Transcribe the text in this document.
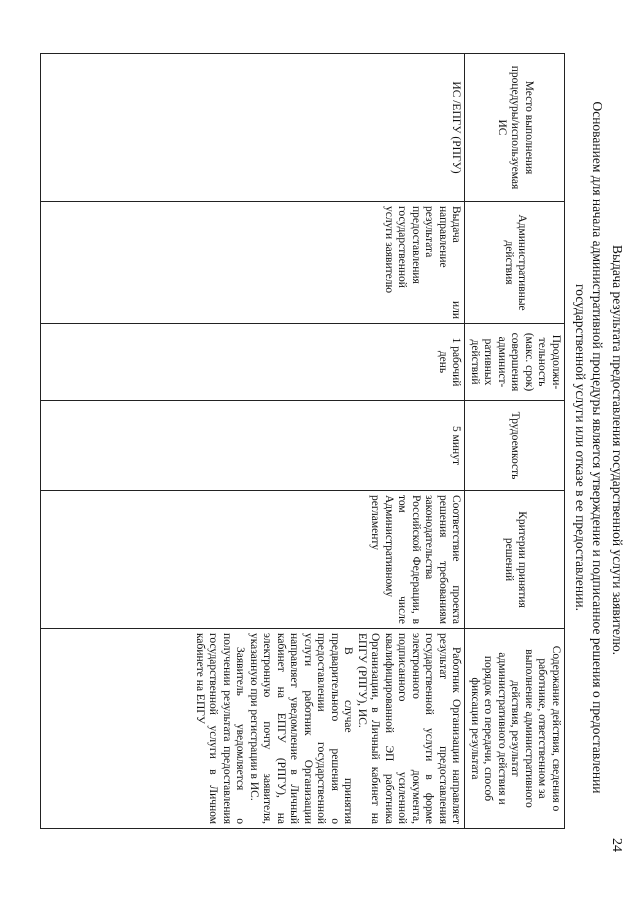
24
Выдача результата предоставления государственной услуги заявителю.
Основанием для начала административной процедуры является утверждение и подписанное решения о предоставлении государственной услуги или отказе в ее предоставлении.
Место выполнения процедуры/используемая ИС	Административные действия	Продолжи-тельность (макс. срок) совершения админист-ративных действий	Трудоемкость	Критерии принятия решений	Содержание действия, сведения о работнике, ответственном за выполнение административного действия, результат административного действия и порядок его передачи, способ фиксации результата
ИС /ЕПГУ (РПГУ)	Выдача или направление результата предоставления государственной услуги заявителю	1 рабочий день	5 минут	Соответствие проекта решения требованиям законодательства Российской Федерации, в том числе Административному регламенту	Работник Организации направляет результат предоставления государственной услуги в форме электронного документа, подписанного усиленной квалифицированной ЭП работника Организации, в Личный кабинет на ЕПГУ (РПГУ), ИС.
В случае принятия предварительного решения о предоставлении государственной услуги работник Организации направляет уведомление в Личный кабинет на ЕПГУ (РПГУ), на электронную почту заявителя, указанную при регистрации в ИС.
Заявитель уведомляется о получении результата предоставления государственной услуги в Личном кабинете на ЕПГУ
